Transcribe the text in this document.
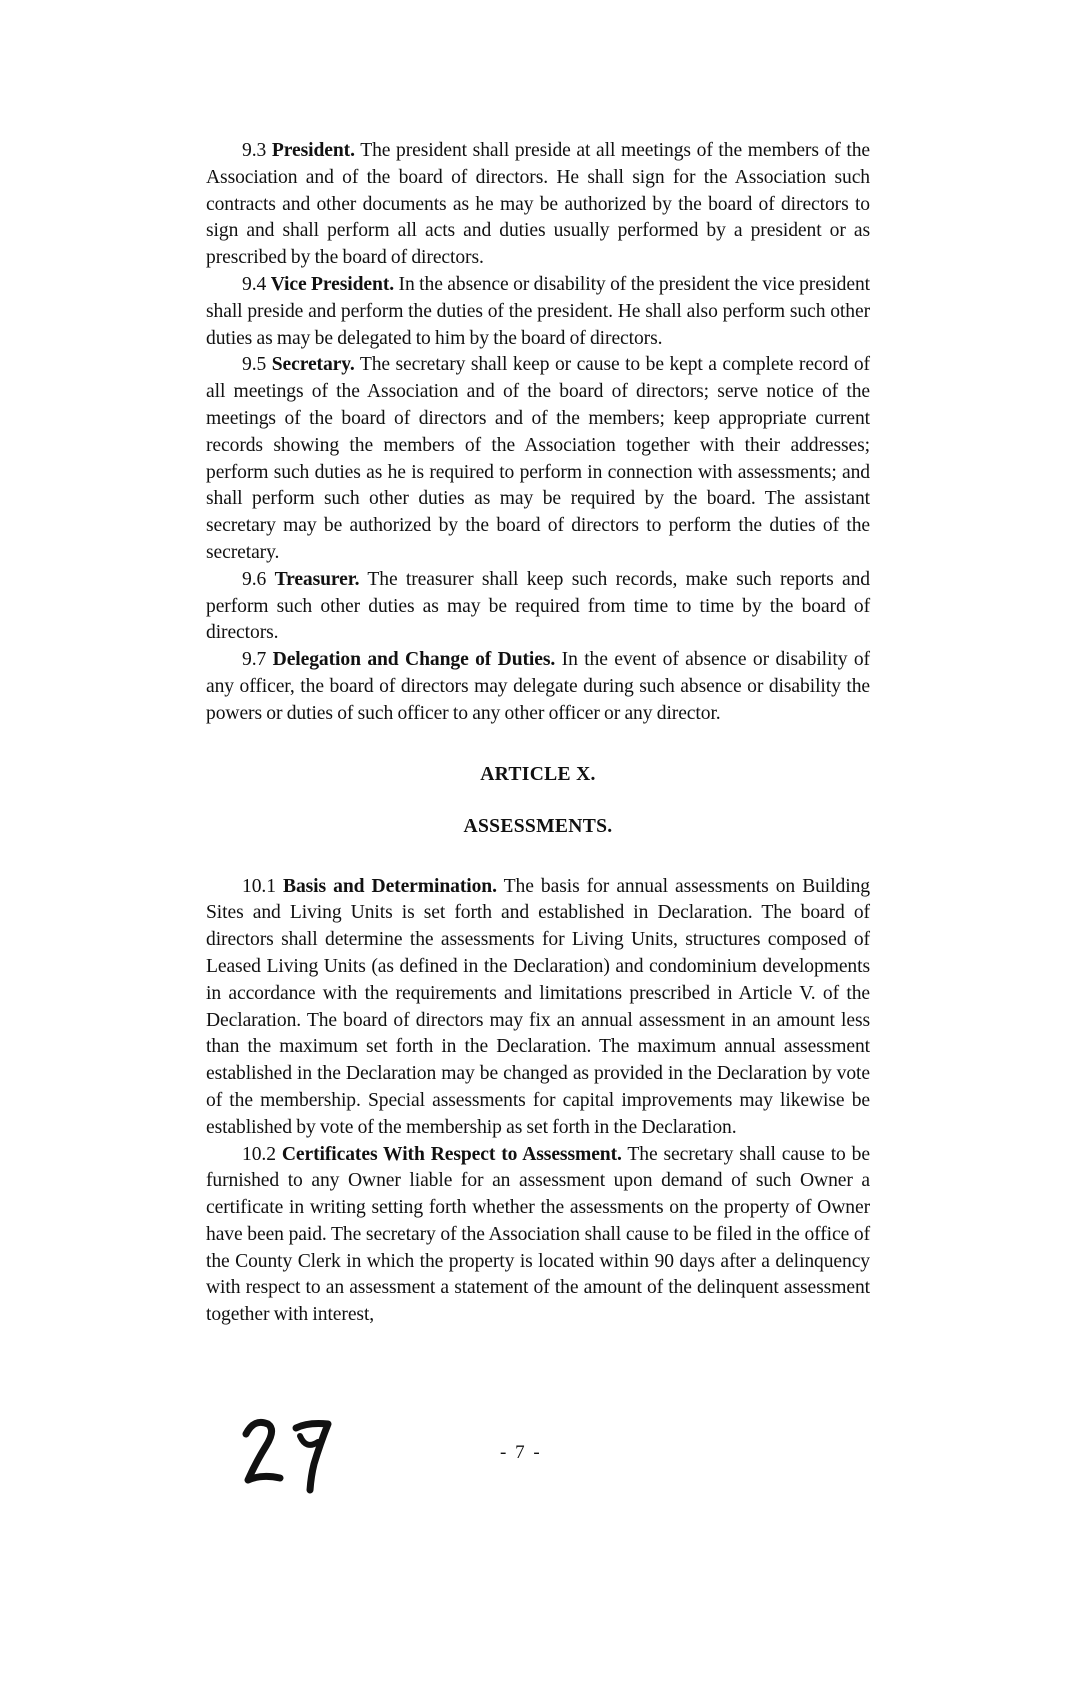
9.3 President. The president shall preside at all meetings of the members of the Association and of the board of directors. He shall sign for the Association such contracts and other documents as he may be authorized by the board of directors to sign and shall perform all acts and duties usually performed by a president or as prescribed by the board of directors.

9.4 Vice President. In the absence or disability of the president the vice president shall preside and perform the duties of the president. He shall also perform such other duties as may be delegated to him by the board of directors.

9.5 Secretary. The secretary shall keep or cause to be kept a complete record of all meetings of the Association and of the board of directors; serve notice of the meetings of the board of directors and of the members; keep appropriate current records showing the members of the Association together with their addresses; perform such duties as he is required to perform in connection with assessments; and shall perform such other duties as may be required by the board. The assistant secretary may be authorized by the board of directors to perform the duties of the secretary.

9.6 Treasurer. The treasurer shall keep such records, make such reports and perform such other duties as may be required from time to time by the board of directors.

9.7 Delegation and Change of Duties. In the event of absence or disability of any officer, the board of directors may delegate during such absence or disability the powers or duties of such officer to any other officer or any director.

ARTICLE X.
ASSESSMENTS.

10.1 Basis and Determination. The basis for annual assessments on Building Sites and Living Units is set forth and established in Declaration. The board of directors shall determine the assessments for Living Units, structures composed of Leased Living Units (as defined in the Declaration) and condominium developments in accordance with the requirements and limitations prescribed in Article V. of the Declaration. The board of directors may fix an annual assessment in an amount less than the maximum set forth in the Declaration. The maximum annual assessment established in the Declaration may be changed as provided in the Declaration by vote of the membership. Special assessments for capital improvements may likewise be established by vote of the membership as set forth in the Declaration.

10.2 Certificates With Respect to Assessment. The secretary shall cause to be furnished to any Owner liable for an assessment upon demand of such Owner a certificate in writing setting forth whether the assessments on the property of Owner have been paid. The secretary of the Association shall cause to be filed in the office of the County Clerk in which the property is located within 90 days after a delinquency with respect to an assessment a statement of the amount of the delinquent assessment together with interest,

- 7 -
